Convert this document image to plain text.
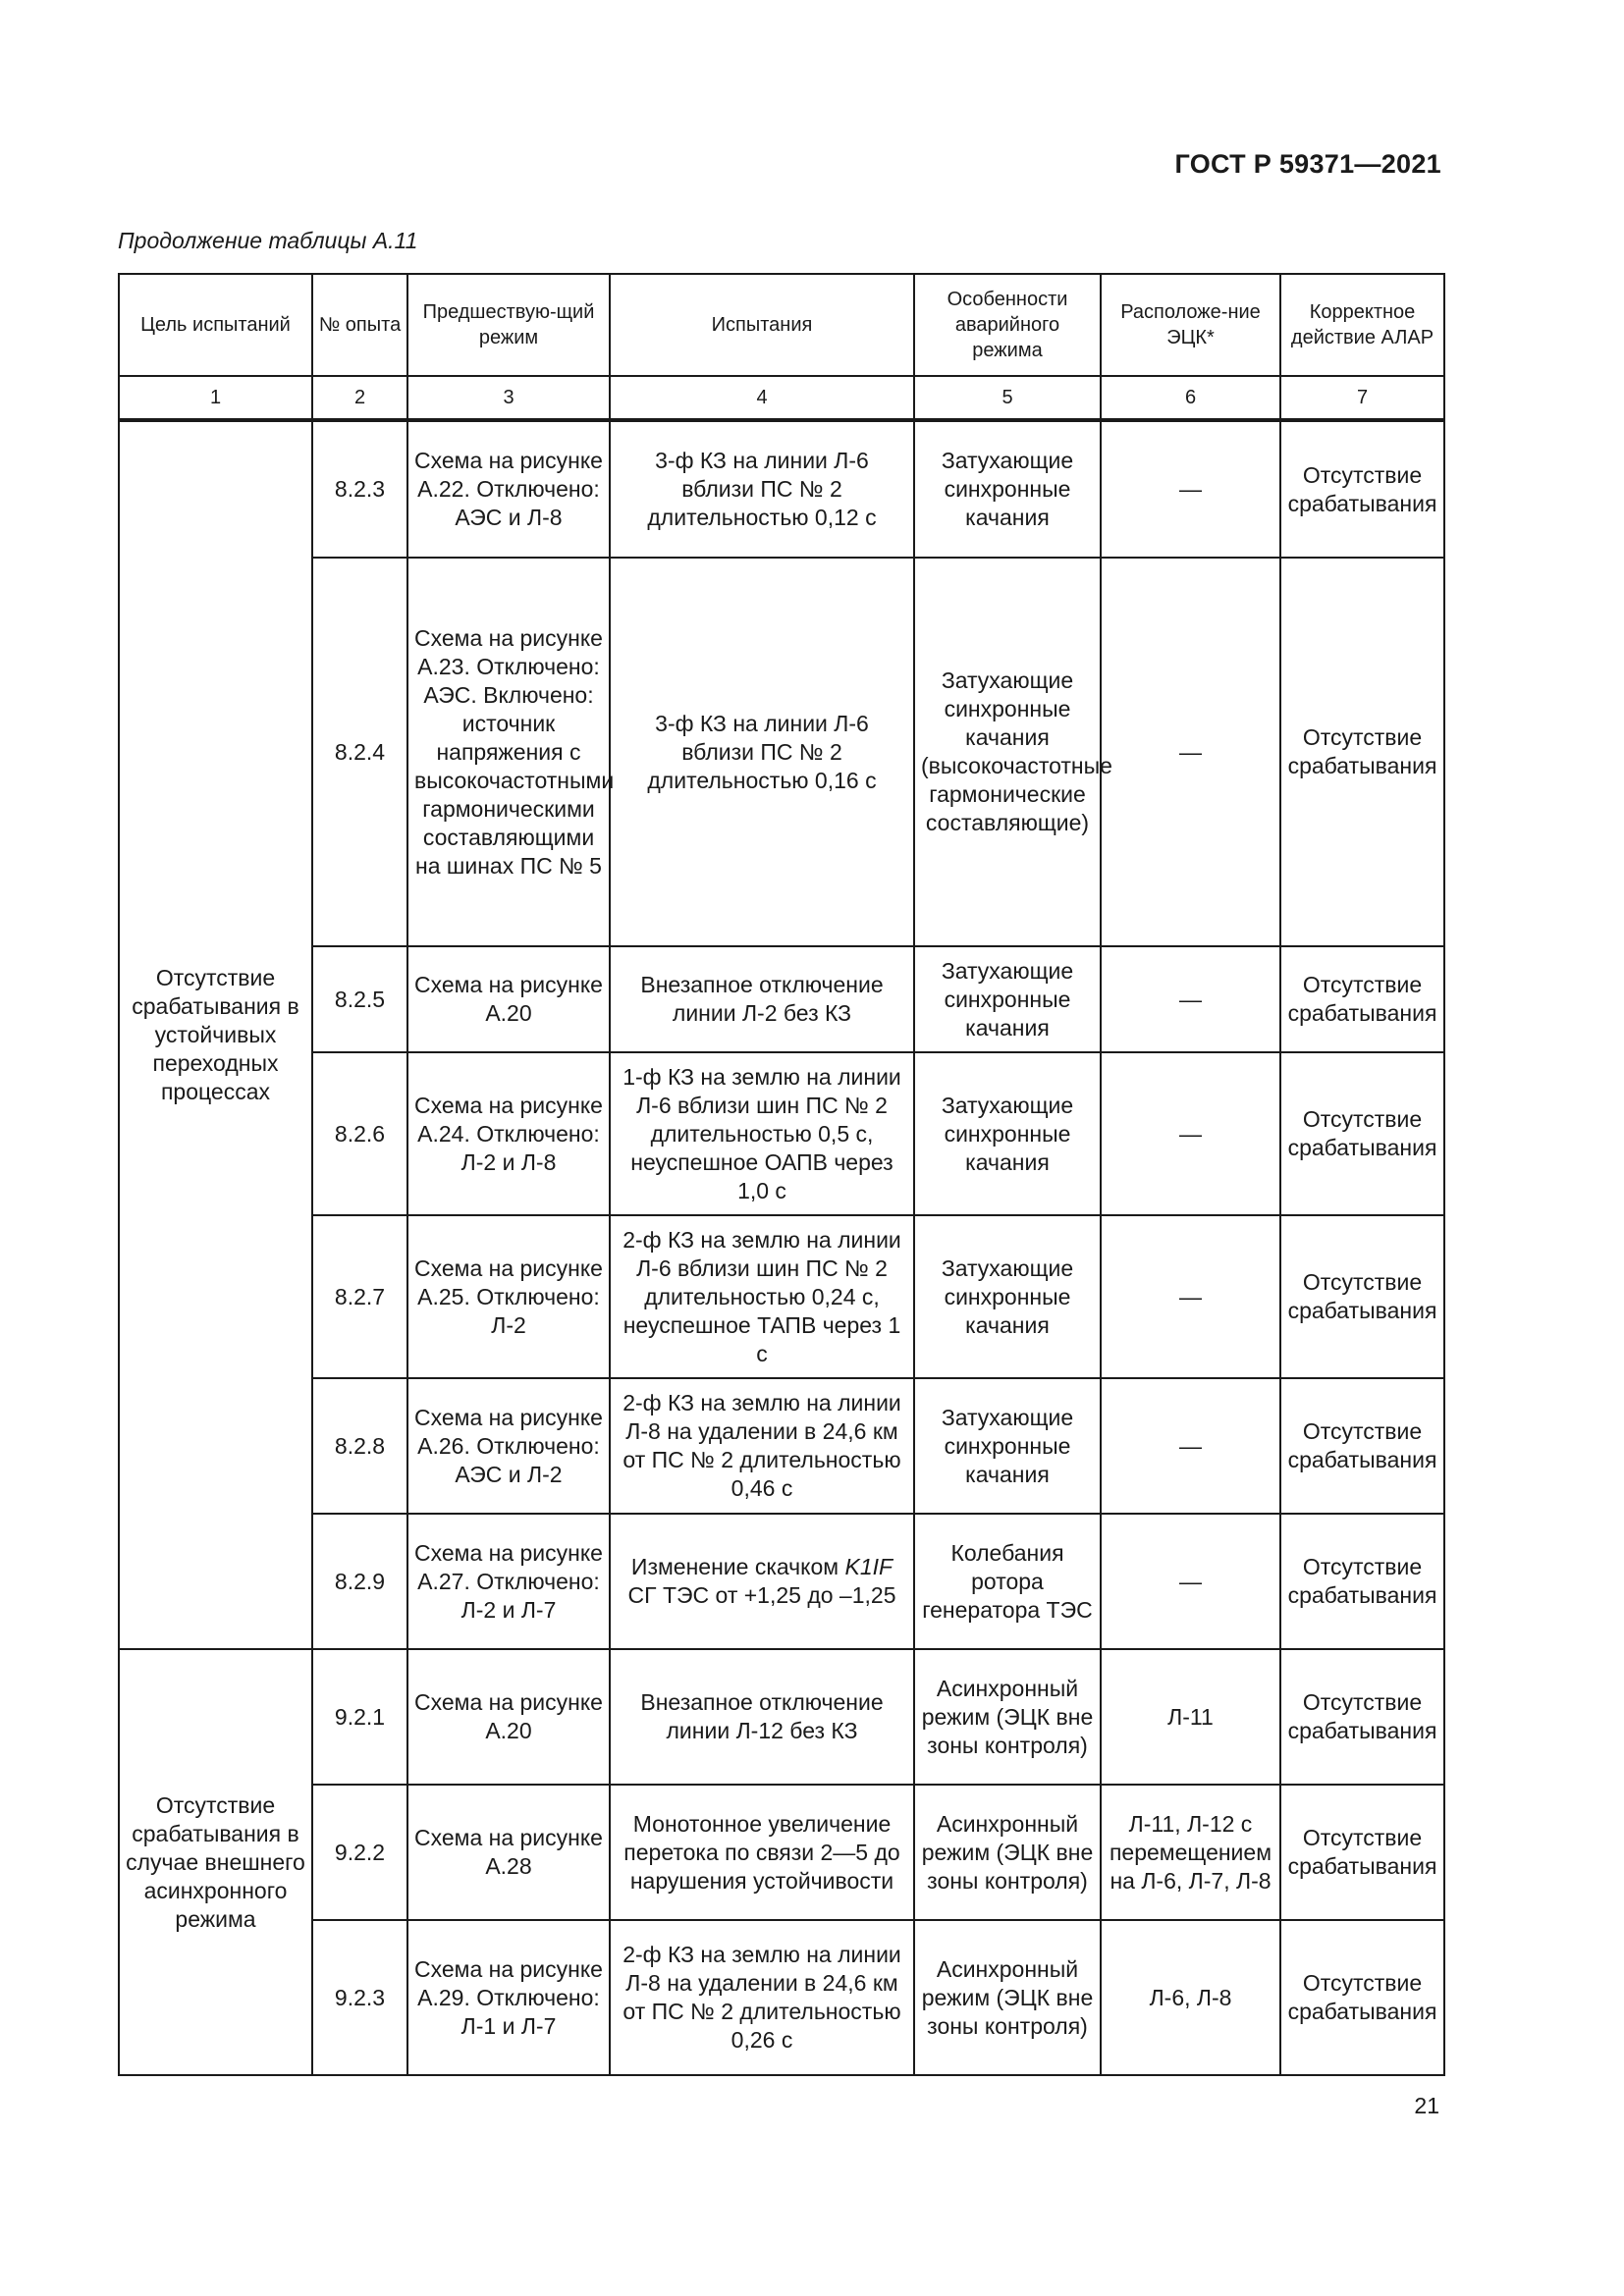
ГОСТ Р 59371—2021
Продолжение таблицы А.11
Цель испытаний	№ опыта	Предшествую-щий режим	Испытания	Особенности аварийного режима	Расположе-ние ЭЦК*	Корректное действие АЛАР
1	2	3	4	5	6	7
Отсутствие срабатывания в устойчивых переходных процессах	8.2.3	Схема на рисунке А.22. Отключено: АЭС и Л-8	3-ф КЗ на линии Л-6 вблизи ПС № 2 длительностью 0,12 с	Затухающие синхронные качания	—	Отсутствие срабатывания
	8.2.4	Схема на рисунке А.23. Отключено: АЭС. Включено: источник напряжения с высокочастотными гармоническими составляющими на шинах ПС № 5	3-ф КЗ на линии Л-6 вблизи ПС № 2 длительностью 0,16 с	Затухающие синхронные качания (высокочастотные гармонические составляющие)	—	Отсутствие срабатывания
	8.2.5	Схема на рисунке А.20	Внезапное отключение линии Л-2 без КЗ	Затухающие синхронные качания	—	Отсутствие срабатывания
	8.2.6	Схема на рисунке А.24. Отключено: Л-2 и Л-8	1-ф КЗ на землю на линии Л-6 вблизи шин ПС № 2 длительностью 0,5 с, неуспешное ОАПВ через 1,0 с	Затухающие синхронные качания	—	Отсутствие срабатывания
	8.2.7	Схема на рисунке А.25. Отключено: Л-2	2-ф КЗ на землю на линии Л-6 вблизи шин ПС № 2 длительностью 0,24 с, неуспешное ТАПВ через 1 с	Затухающие синхронные качания	—	Отсутствие срабатывания
	8.2.8	Схема на рисунке А.26. Отключено: АЭС и Л-2	2-ф КЗ на землю на линии Л-8 на удалении в 24,6 км от ПС № 2 длительностью 0,46 с	Затухающие синхронные качания	—	Отсутствие срабатывания
	8.2.9	Схема на рисунке А.27. Отключено: Л-2 и Л-7	Изменение скачком K1IF СГ ТЭС от +1,25 до –1,25	Колебания ротора генератора ТЭС	—	Отсутствие срабатывания
Отсутствие срабатывания в случае внешнего асинхронного режима	9.2.1	Схема на рисунке А.20	Внезапное отключение линии Л-12 без КЗ	Асинхронный режим (ЭЦК вне зоны контроля)	Л-11	Отсутствие срабатывания
	9.2.2	Схема на рисунке А.28	Монотонное увеличение перетока по связи 2—5 до нарушения устойчивости	Асинхронный режим (ЭЦК вне зоны контроля)	Л-11, Л-12 с перемещением на Л-6, Л-7, Л-8	Отсутствие срабатывания
	9.2.3	Схема на рисунке А.29. Отключено: Л-1 и Л-7	2-ф КЗ на землю на линии Л-8 на удалении в 24,6 км от ПС № 2 длительностью 0,26 с	Асинхронный режим (ЭЦК вне зоны контроля)	Л-6, Л-8	Отсутствие срабатывания
21
